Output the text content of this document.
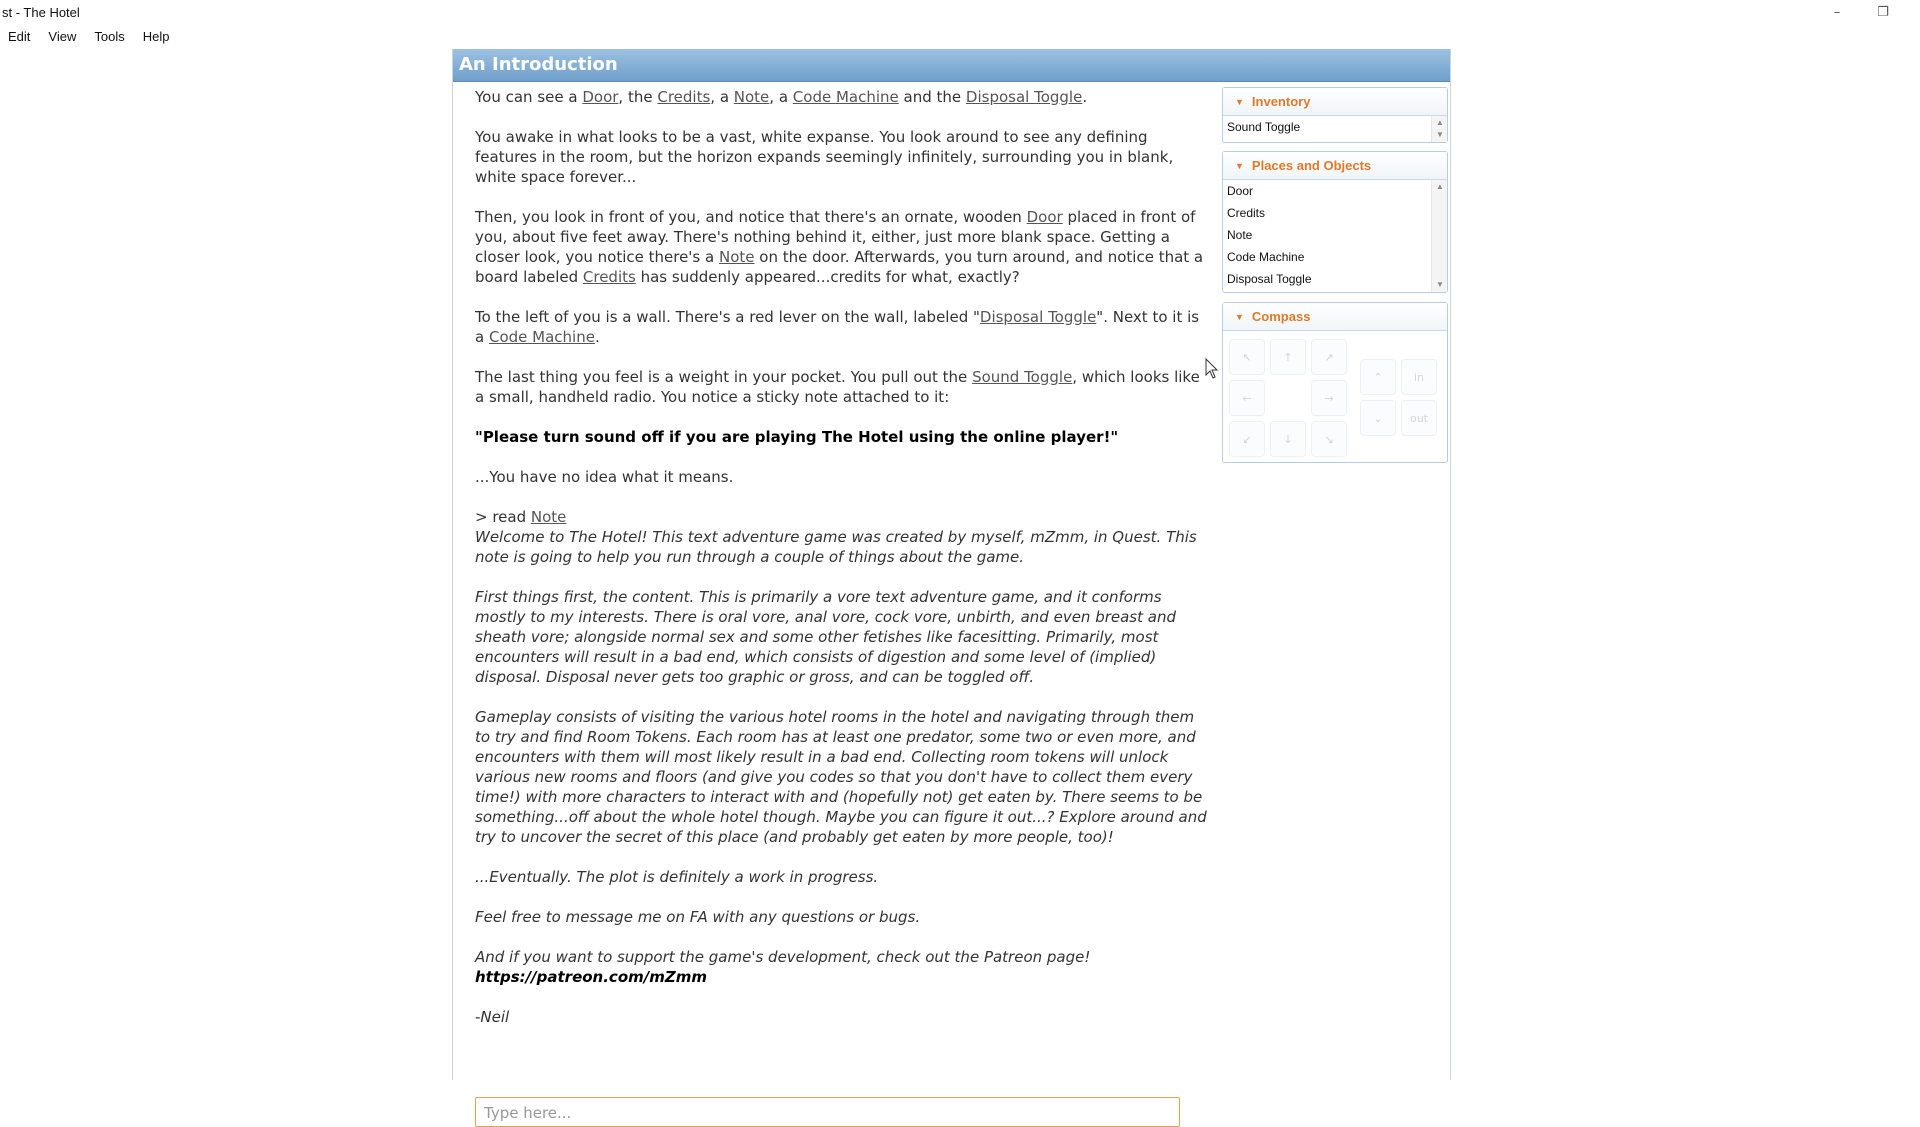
st - The Hotel	–	❐
Edit	View	Tools	Help
An Introduction

You can see a Door, the Credits, a Note, a Code Machine and the Disposal Toggle.

You awake in what looks to be a vast, white expanse. You look around to see any defining features in the room, but the horizon expands seemingly infinitely, surrounding you in blank, white space forever...

Then, you look in front of you, and notice that there's an ornate, wooden Door placed in front of you, about five feet away. There's nothing behind it, either, just more blank space. Getting a closer look, you notice there's a Note on the door. Afterwards, you turn around, and notice that a board labeled Credits has suddenly appeared...credits for what, exactly?

To the left of you is a wall. There's a red lever on the wall, labeled "Disposal Toggle". Next to it is a Code Machine.

The last thing you feel is a weight in your pocket. You pull out the Sound Toggle, which looks like a small, handheld radio. You notice a sticky note attached to it:

"Please turn sound off if you are playing The Hotel using the online player!"

...You have no idea what it means.

> read Note

Welcome to The Hotel! This text adventure game was created by myself, mZmm, in Quest. This note is going to help you run through a couple of things about the game.

First things first, the content. This is primarily a vore text adventure game, and it conforms mostly to my interests. There is oral vore, anal vore, cock vore, unbirth, and even breast and sheath vore; alongside normal sex and some other fetishes like facesitting. Primarily, most encounters will result in a bad end, which consists of digestion and some level of (implied) disposal. Disposal never gets too graphic or gross, and can be toggled off.

Gameplay consists of visiting the various hotel rooms in the hotel and navigating through them to try and find Room Tokens. Each room has at least one predator, some two or even more, and encounters with them will most likely result in a bad end. Collecting room tokens will unlock various new rooms and floors (and give you codes so that you don't have to collect them every time!) with more characters to interact with and (hopefully not) get eaten by. There seems to be something...off about the whole hotel though. Maybe you can figure it out...? Explore around and try to uncover the secret of this place (and probably get eaten by more people, too)!

...Eventually. The plot is definitely a work in progress.

Feel free to message me on FA with any questions or bugs.

And if you want to support the game's development, check out the Patreon page!
https://patreon.com/mZmm

-Neil

Type here...
▼ Inventory
Sound Toggle	▲
▼
▼ Places and Objects
Door
Credits
Note
Code Machine
Disposal Toggle
▲
▼
▼ Compass
↖	↑	↗
←	→
↙	↓	↘
⌃	in
⌄	out
